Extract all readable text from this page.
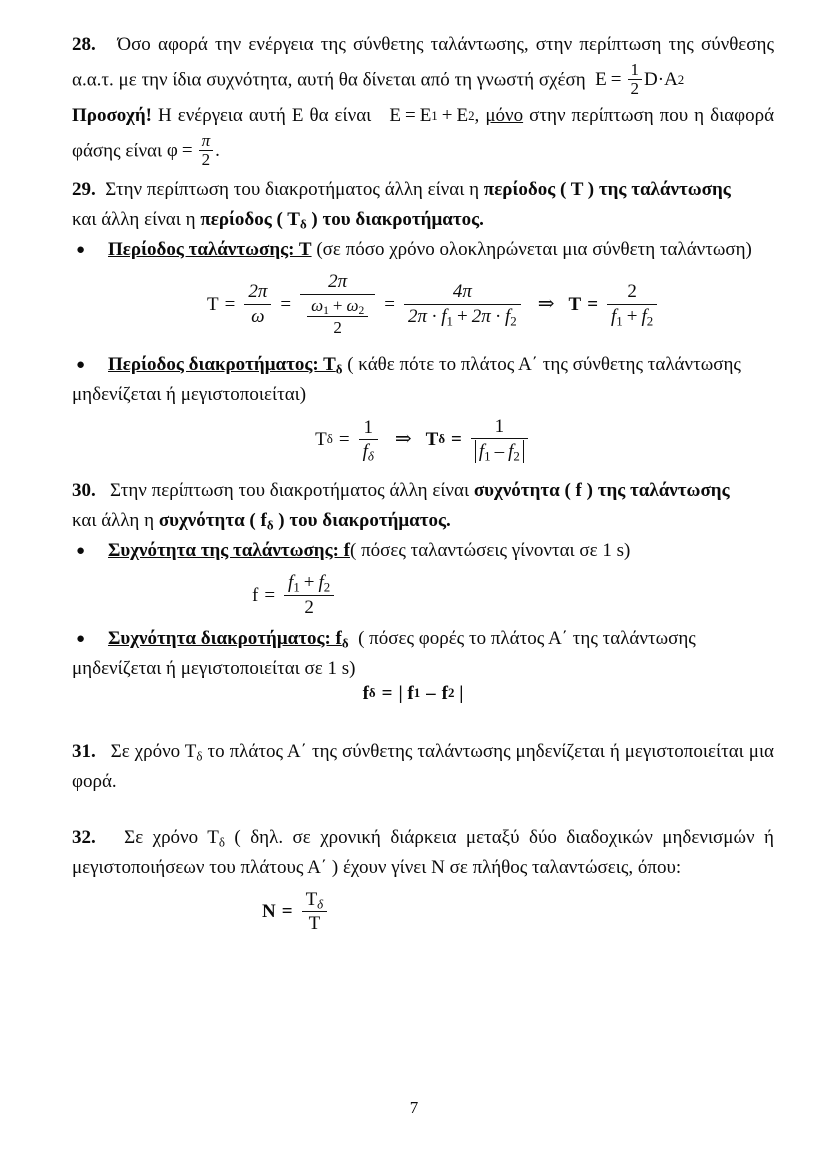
28. Όσο αφορά την ενέργεια της σύνθετης ταλάντωσης, στην περίπτωση της σύνθεσης α.α.τ. με την ίδια συχνότητα, αυτή θα δίνεται από τη γνωστή σχέση $E = \frac{1}{2}$ D · A 2

Προσοχή! Η ενέργεια αυτή Ε θα είναι E = E 1 + E 2 , μόνο στην περίπτωση που η διαφορά φάσης είναι $\varphi = \frac{\pi}{2}$ .

29. Στην περίπτωση του διακροτήματος άλλη είναι η περίοδος ( Τ ) της ταλάντωσης
και άλλη είναι η περίοδος ( $T_\delta$ ) του διακροτήματος.

● Περίοδος ταλάντωσης: Τ (σε πόσο χρόνο ολοκληρώνεται μια σύνθετη ταλάντωση)

$T = \frac{2\pi}{\omega} = \frac{2\pi}{\frac{\omega_1 + \omega_2}{2}} = \frac{4\pi}{2\pi \cdot f_1 + 2\pi \cdot f_2}$ ⇒ $T = \frac{2}{f_1 + f_2}$

● Περίοδος διακροτήματος: $T_\delta$ ( κάθε πότε το πλάτος Α΄ της σύνθετης ταλάντωσης
μηδενίζεται ή μεγιστοποιείται)

Τ $\delta = \frac{1}{f_\delta}$ ⇒ Τ $\delta = \frac{1}{f_1 - f_2}$

30. Στην περίπτωση του διακροτήματος άλλη είναι συχνότητα ( f ) της ταλάντωσης
και άλλη η συχνότητα ( $f_\delta$ ) του διακροτήματος.

● Συχνότητα της ταλάντωσης: f( πόσες ταλαντώσεις γίνονται σε 1 s)

$f = \frac{f_1 + f_2}{2}$

● Συχνότητα διακροτήματος: $f_\delta$ ( πόσες φορές το πλάτος Α΄ της ταλάντωσης
μηδενίζεται ή μεγιστοποιείται σε 1 s)

f δ = |
f 1 – f 2
|

31. Σε χρόνο $T_\delta$ το πλάτος Α΄ της σύνθετης ταλάντωσης μηδενίζεται ή μεγιστοποιείται μια φορά.

32. Σε χρόνο $T_\delta$ ( δηλ. σε χρονική διάρκεια μεταξύ δύο διαδοχικών μηδενισμών ή μεγιστοποιήσεων του πλάτους Α΄ ) έχουν γίνει Ν σε πλήθος ταλαντώσεις, όπου:

$N = \frac{T_\delta}{T}$
7
